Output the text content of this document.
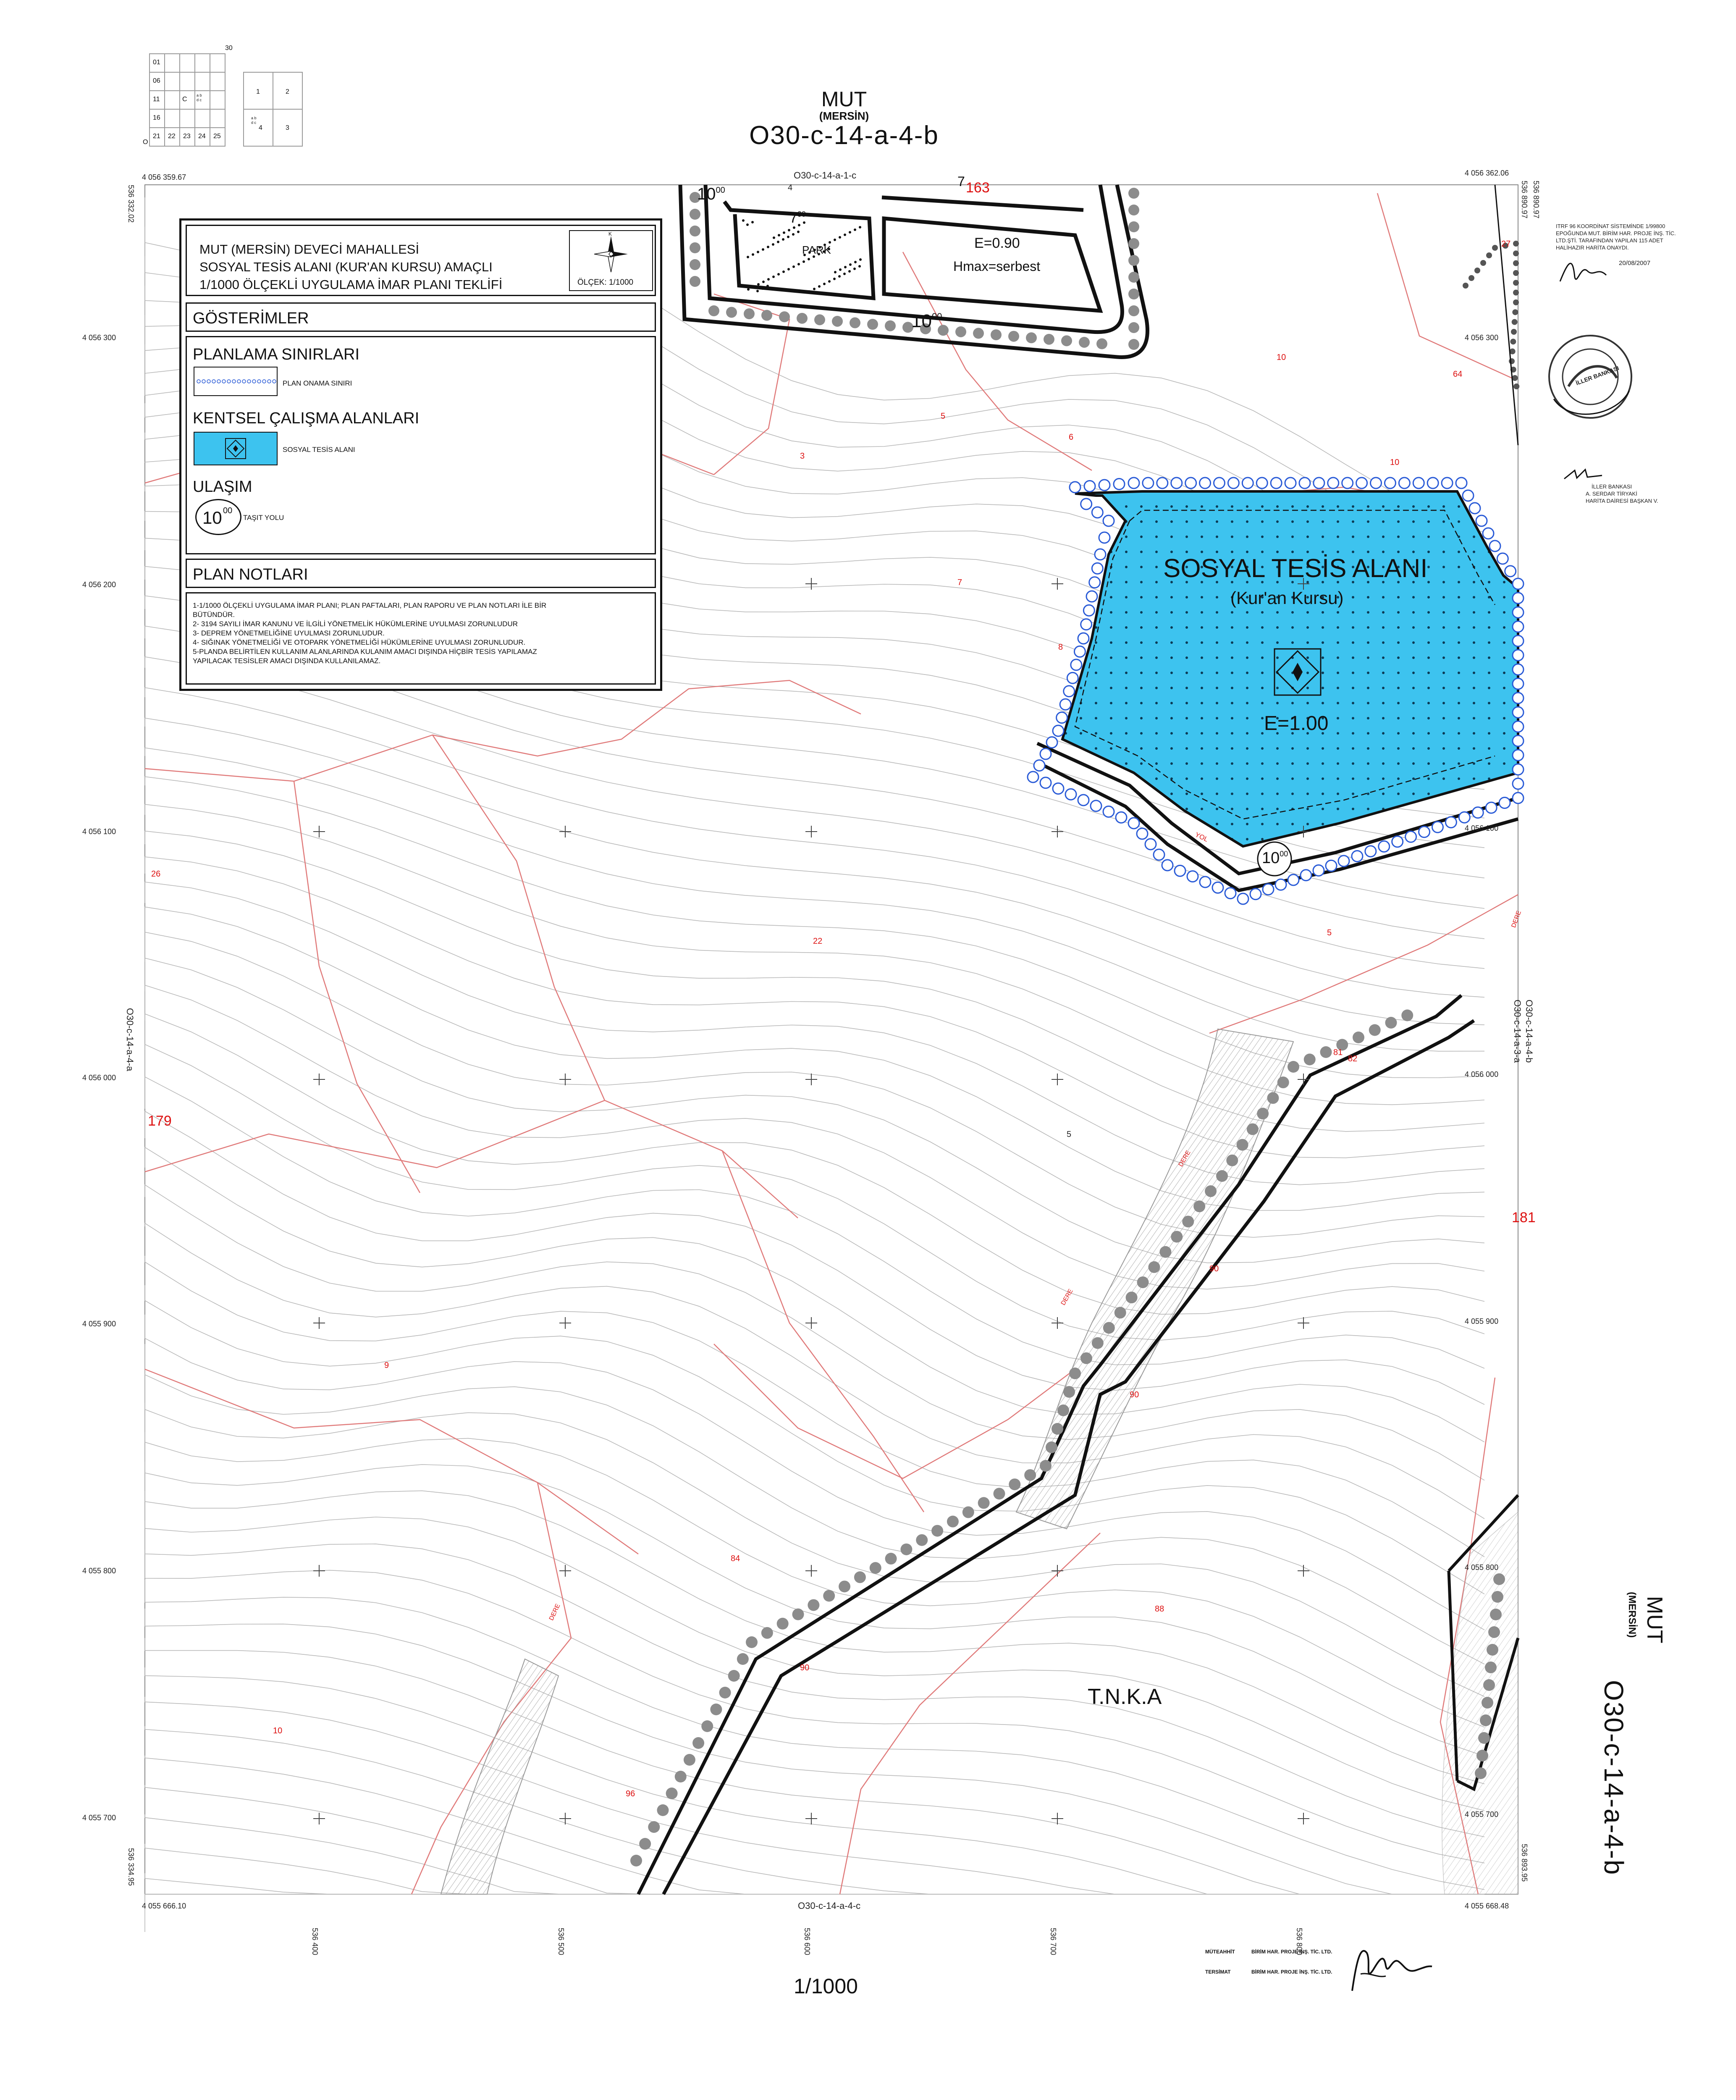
MUT
(MERSİN)
O30-c-14-a-4-b
30
01
06
11
16
21 22 23 24 25
O
C
a b
d c
1	2
3
4
a b
d c
4 056 359.67	4 056 362.06
4 055 666.10	4 055 668.48
536 332.02
536 334.95
536 890.97 536 890.97
536 893.95
4 056 300
4 056 200
4 056 100
4 056 000
4 055 900
4 055 800
4 055 700
4 056 300
4 056 100
4 056 000
4 055 900
4 055 800
4 055 700
536 400	536 500	536 600	536 700	536 800
O30-c-14-a-1-c
O30-c-14-a-4-c
O30-c-14-a-4-a	O30-c-14-a-3-a O30-c-14-a-4-b
MUT (MERSİN) DEVECİ MAHALLESİ
SOSYAL TESİS ALANI (KUR'AN KURSU) AMAÇLI
1/1000 ÖLÇEKLİ UYGULAMA İMAR PLANI TEKLİFİ
K
ÖLÇEK: 1/1000
GÖSTERİMLER
PLANLAMA SINIRLARI
PLAN ONAMA SINIRI
KENTSEL ÇALIŞMA ALANLARI
SOSYAL TESİS ALANI
ULAŞIM
10 00
TAŞIT YOLU
PLAN NOTLARI
1-1/1000 ÖLÇEKLİ UYGULAMA İMAR PLANI; PLAN PAFTALARI, PLAN RAPORU VE PLAN NOTLARI İLE BİR
BÜTÜNDÜR.
2- 3194 SAYILI İMAR KANUNU VE İLGİLİ YÖNETMELİK HÜKÜMLERİNE UYULMASI ZORUNLUDUR
3- DEPREM YÖNETMELİĞİNE UYULMASI ZORUNLUDUR.
4- SIĞINAK YÖNETMELİĞİ VE OTOPARK YÖNETMELİĞİ HÜKÜMLERİNE UYULMASI ZORUNLUDUR.
5-PLANDA BELİRTİLEN KULLANIM ALANLARINDA KULANIM AMACI DIŞINDA HİÇBİR TESİS YAPILAMAZ
YAPILACAK TESİSLER AMACI DIŞINDA KULLANILAMAZ.
SOSYAL TESİS ALANI
(Kur'an Kursu)
E=1.00
E=0.90
Hmax=serbest
PARK
T.N.K.A
1000
1000
1000
700
7
YOL
DERE
DERE
DERE
DERE
163
179
181
4
27
64
10
10
5
6
3
7
8
26
22
5
81
82
90
90
9
84
88
90
10
96
5
ITRF 96 KOORDİNAT SİSTEMİNDE 1/99800
EPOĞUNDA MUT. BİRİM HAR. PROJE İNŞ. TİC.
LTD.ŞTİ. TARAFINDAN YAPILAN 115 ADET
HALİHAZIR HARİTA ONAYDI.
20/08/2007
İLLER BANKASI
İLLER BANKASI
A. SERDAR TİRYAKİ
HARİTA DAİRESİ BAŞKAN V.
MUT
(MERSİN)
O30-c-14-a-4-b
1/1000
MÜTEAHHİT	BİRİM HAR. PROJE İNŞ. TİC. LTD.
TERSİMAT	BİRİM HAR. PROJE İNŞ. TİC. LTD.
